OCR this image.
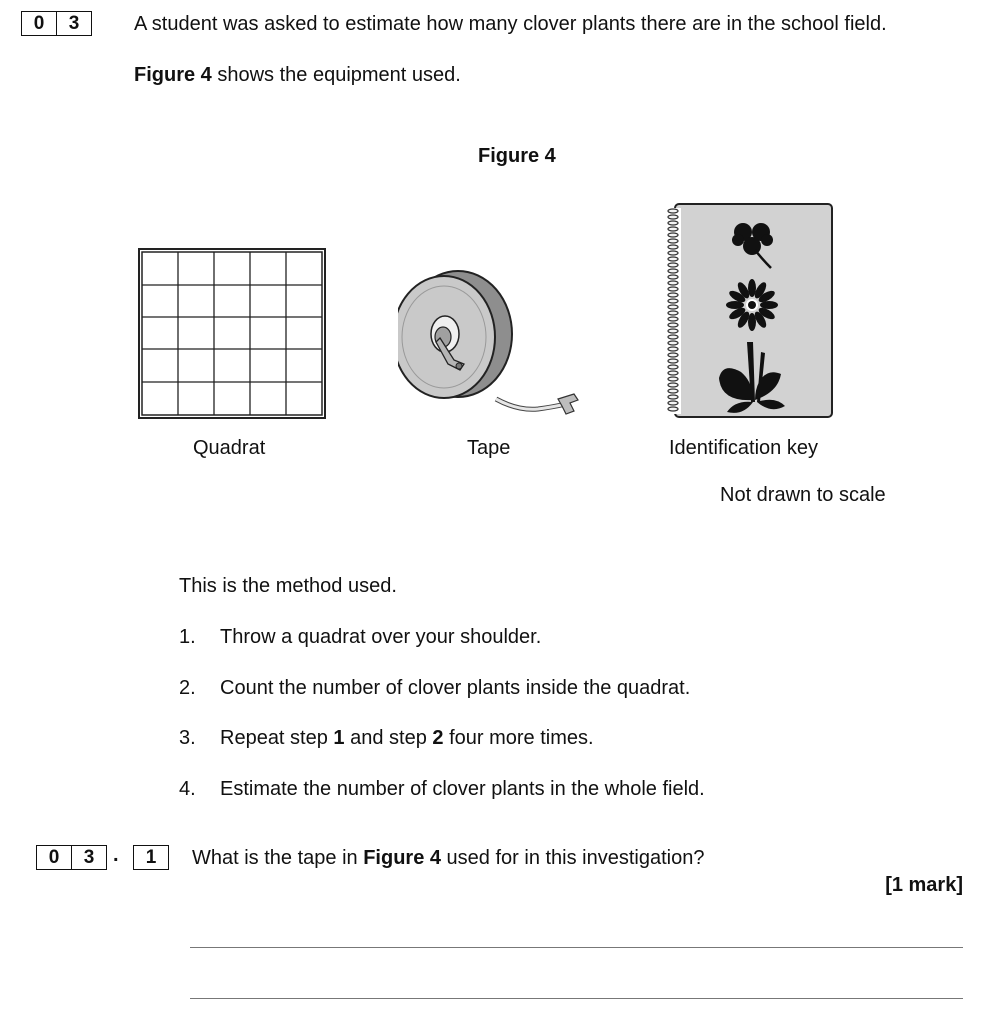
0	3	A student was asked to estimate how many clover plants there are in the school field.
Figure 4 shows the equipment used.
Figure 4
Quadrat	Tape	Identification key
Not drawn to scale
This is the method used.
1. Throw a quadrat over your shoulder.
2. Count the number of clover plants inside the quadrat.
3. Repeat step 1 and step 2 four more times.
4. Estimate the number of clover plants in the whole field.
0	3 .	1	What is the tape in Figure 4 used for in this investigation?
[1 mark]
